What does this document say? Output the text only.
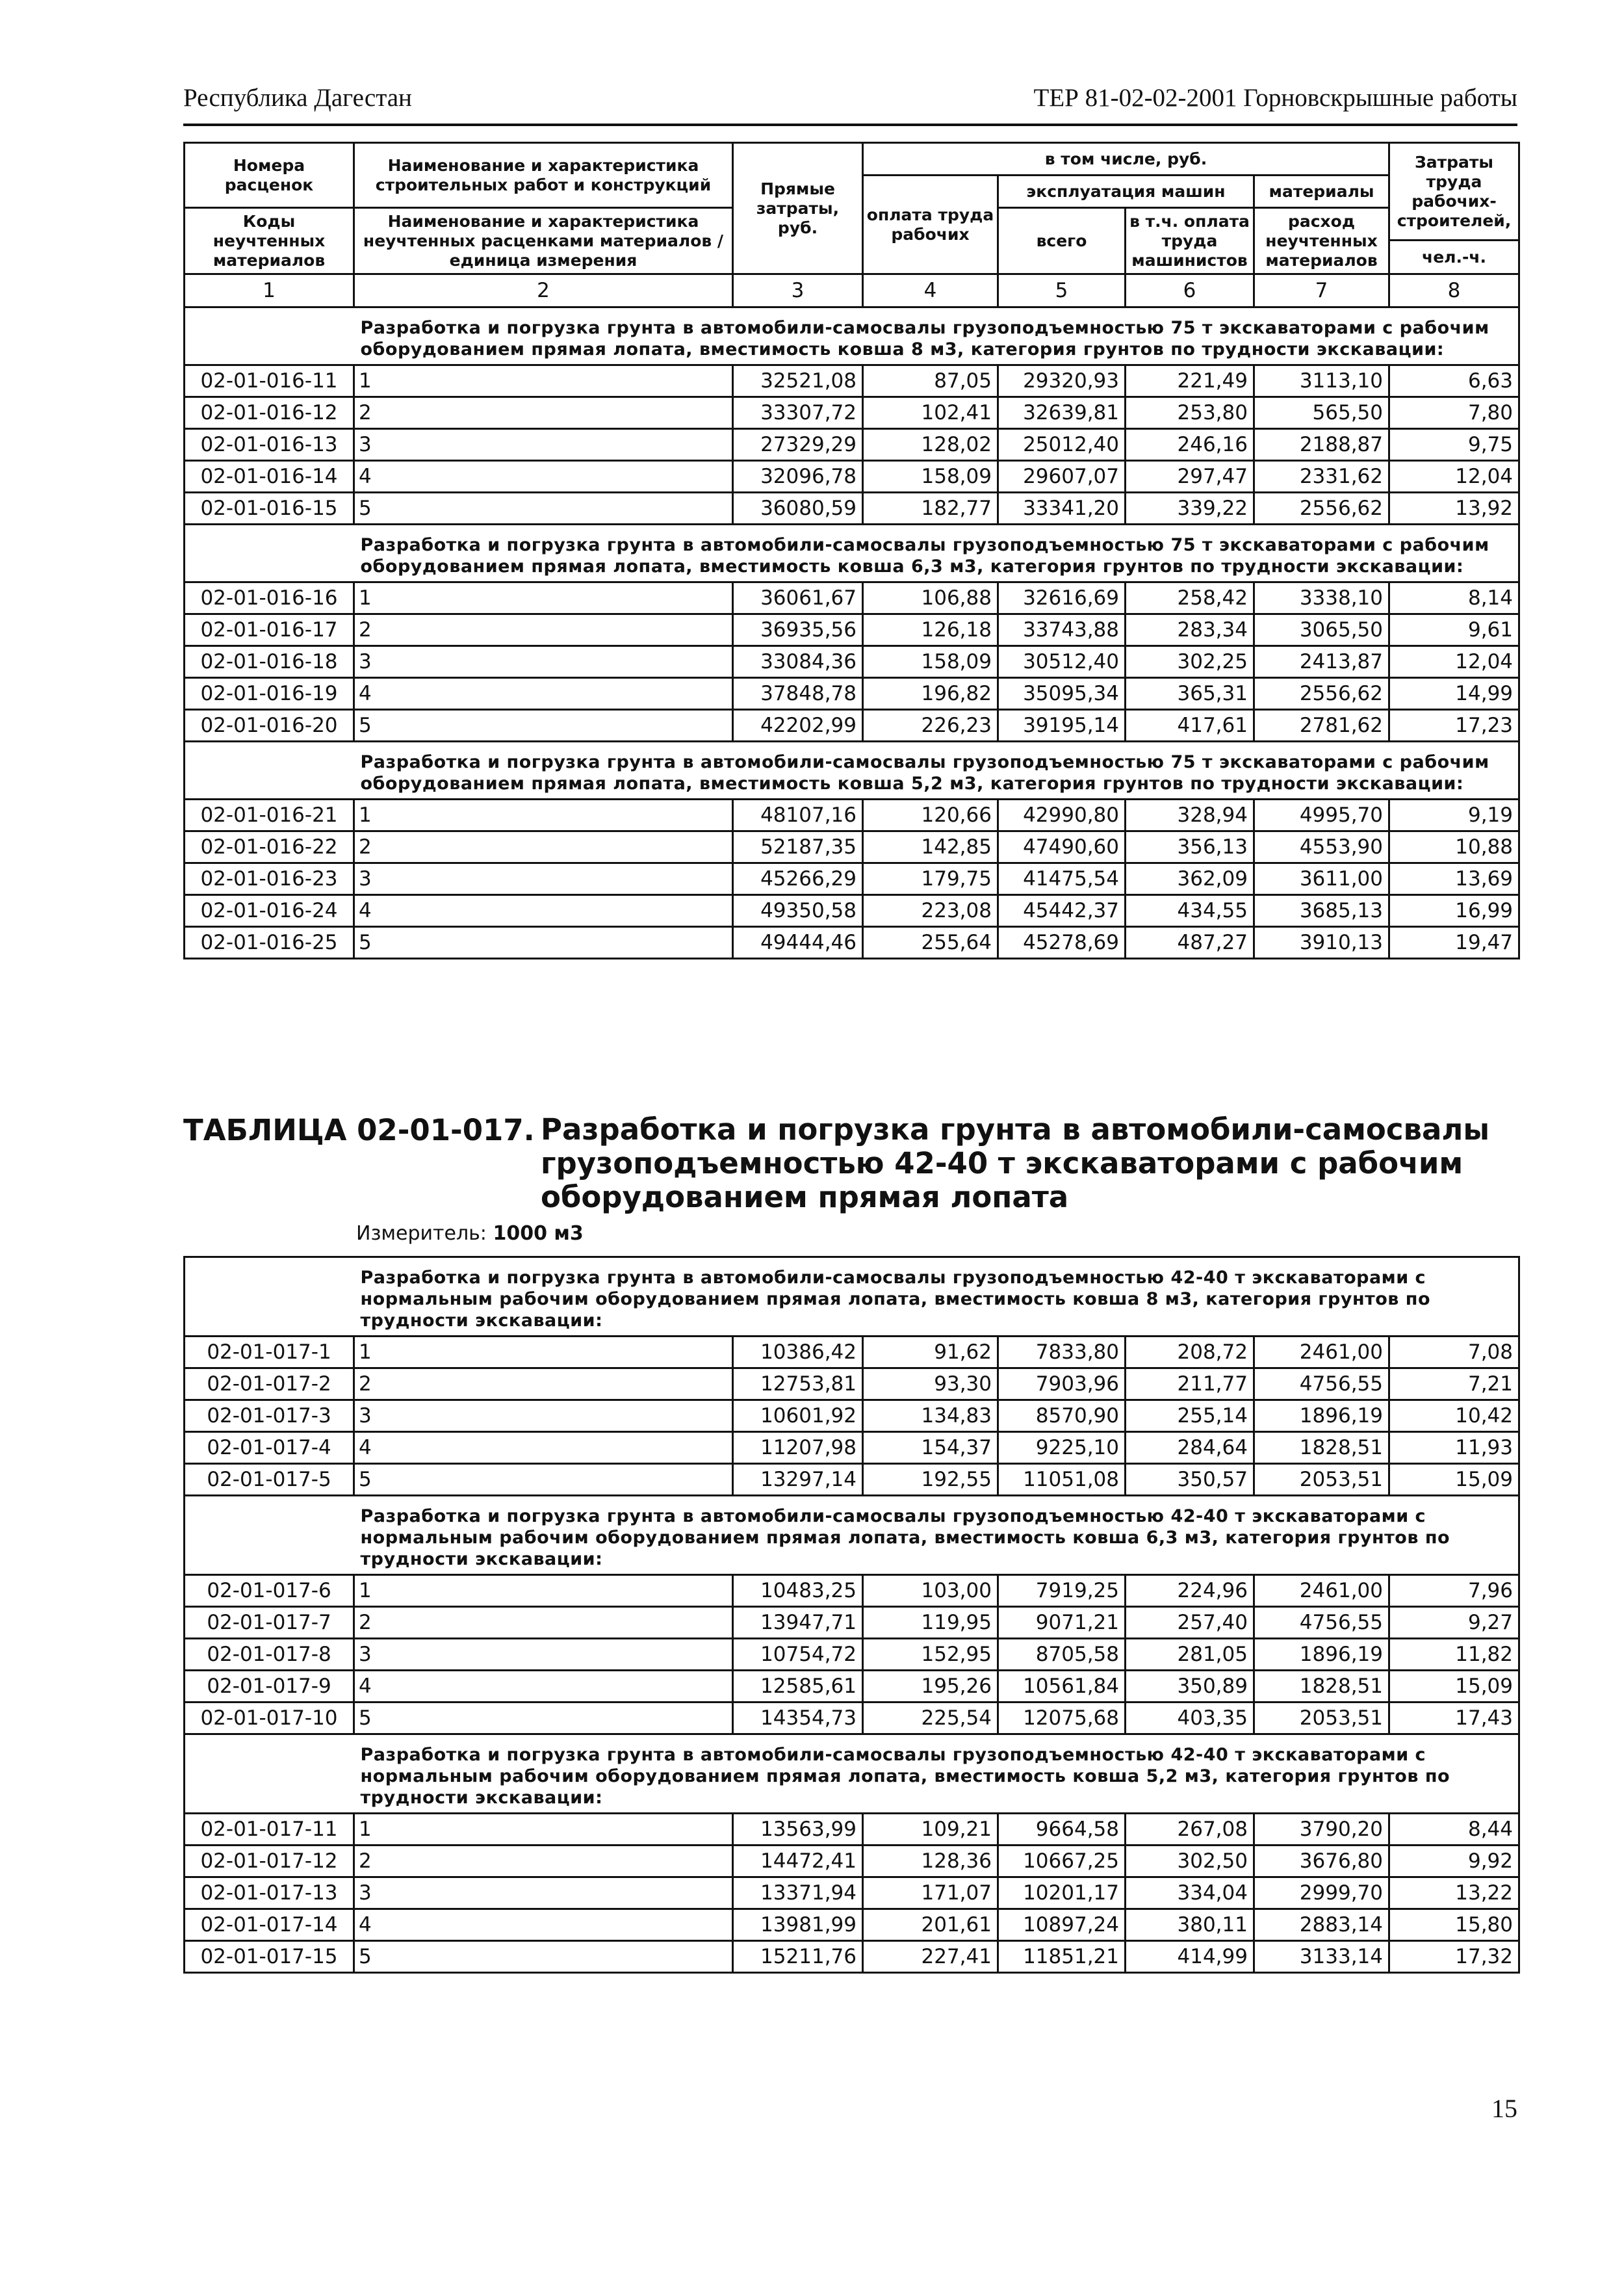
Республика Дагестан	ТЕР 81-02-02-2001 Горновскрышные работы
Номера расценок	Наименование и характеристика строительных работ и конструкций	Прямые затраты, руб.	в том числе, руб.				Затраты труда рабочих-строителей,
			оплата труда рабочих	эксплуатация машин		материалы	
Коды неучтенных материалов	Наименование и характеристика неучтенных расценками материалов / единица измерения			всего	в т.ч. оплата труда машинистов	расход неучтенных материалов	
							чел.-ч.
1	2	3	4	5	6	7	8
	Разработка и погрузка грунта в автомобили-самосвалы грузоподъемностью 75 т экскаваторами с рабочим оборудованием прямая лопата, вместимость ковша 8 м3, категория грунтов по трудности экскавации:						
02-01-016-11	1	32521,08	87,05	29320,93	221,49	3113,10	6,63
02-01-016-12	2	33307,72	102,41	32639,81	253,80	565,50	7,80
02-01-016-13	3	27329,29	128,02	25012,40	246,16	2188,87	9,75
02-01-016-14	4	32096,78	158,09	29607,07	297,47	2331,62	12,04
02-01-016-15	5	36080,59	182,77	33341,20	339,22	2556,62	13,92
	Разработка и погрузка грунта в автомобили-самосвалы грузоподъемностью 75 т экскаваторами с рабочим оборудованием прямая лопата, вместимость ковша 6,3 м3, категория грунтов по трудности экскавации:						
02-01-016-16	1	36061,67	106,88	32616,69	258,42	3338,10	8,14
02-01-016-17	2	36935,56	126,18	33743,88	283,34	3065,50	9,61
02-01-016-18	3	33084,36	158,09	30512,40	302,25	2413,87	12,04
02-01-016-19	4	37848,78	196,82	35095,34	365,31	2556,62	14,99
02-01-016-20	5	42202,99	226,23	39195,14	417,61	2781,62	17,23
	Разработка и погрузка грунта в автомобили-самосвалы грузоподъемностью 75 т экскаваторами с рабочим оборудованием прямая лопата, вместимость ковша 5,2 м3, категория грунтов по трудности экскавации:						
02-01-016-21	1	48107,16	120,66	42990,80	328,94	4995,70	9,19
02-01-016-22	2	52187,35	142,85	47490,60	356,13	4553,90	10,88
02-01-016-23	3	45266,29	179,75	41475,54	362,09	3611,00	13,69
02-01-016-24	4	49350,58	223,08	45442,37	434,55	3685,13	16,99
02-01-016-25	5	49444,46	255,64	45278,69	487,27	3910,13	19,47
ТАБЛИЦА 02-01-017. Разработка и погрузка грунта в автомобили-самосвалы грузоподъемностью 42-40 т экскаваторами с рабочим оборудованием прямая лопата
Измеритель: 1000 м3
	Разработка и погрузка грунта в автомобили-самосвалы грузоподъемностью 42-40 т экскаваторами с нормальным рабочим оборудованием прямая лопата, вместимость ковша 8 м3, категория грунтов по трудности экскавации:						
02-01-017-1	1	10386,42	91,62	7833,80	208,72	2461,00	7,08
02-01-017-2	2	12753,81	93,30	7903,96	211,77	4756,55	7,21
02-01-017-3	3	10601,92	134,83	8570,90	255,14	1896,19	10,42
02-01-017-4	4	11207,98	154,37	9225,10	284,64	1828,51	11,93
02-01-017-5	5	13297,14	192,55	11051,08	350,57	2053,51	15,09
	Разработка и погрузка грунта в автомобили-самосвалы грузоподъемностью 42-40 т экскаваторами с нормальным рабочим оборудованием прямая лопата, вместимость ковша 6,3 м3, категория грунтов по трудности экскавации:						
02-01-017-6	1	10483,25	103,00	7919,25	224,96	2461,00	7,96
02-01-017-7	2	13947,71	119,95	9071,21	257,40	4756,55	9,27
02-01-017-8	3	10754,72	152,95	8705,58	281,05	1896,19	11,82
02-01-017-9	4	12585,61	195,26	10561,84	350,89	1828,51	15,09
02-01-017-10	5	14354,73	225,54	12075,68	403,35	2053,51	17,43
	Разработка и погрузка грунта в автомобили-самосвалы грузоподъемностью 42-40 т экскаваторами с нормальным рабочим оборудованием прямая лопата, вместимость ковша 5,2 м3, категория грунтов по трудности экскавации:						
02-01-017-11	1	13563,99	109,21	9664,58	267,08	3790,20	8,44
02-01-017-12	2	14472,41	128,36	10667,25	302,50	3676,80	9,92
02-01-017-13	3	13371,94	171,07	10201,17	334,04	2999,70	13,22
02-01-017-14	4	13981,99	201,61	10897,24	380,11	2883,14	15,80
02-01-017-15	5	15211,76	227,41	11851,21	414,99	3133,14	17,32
15
